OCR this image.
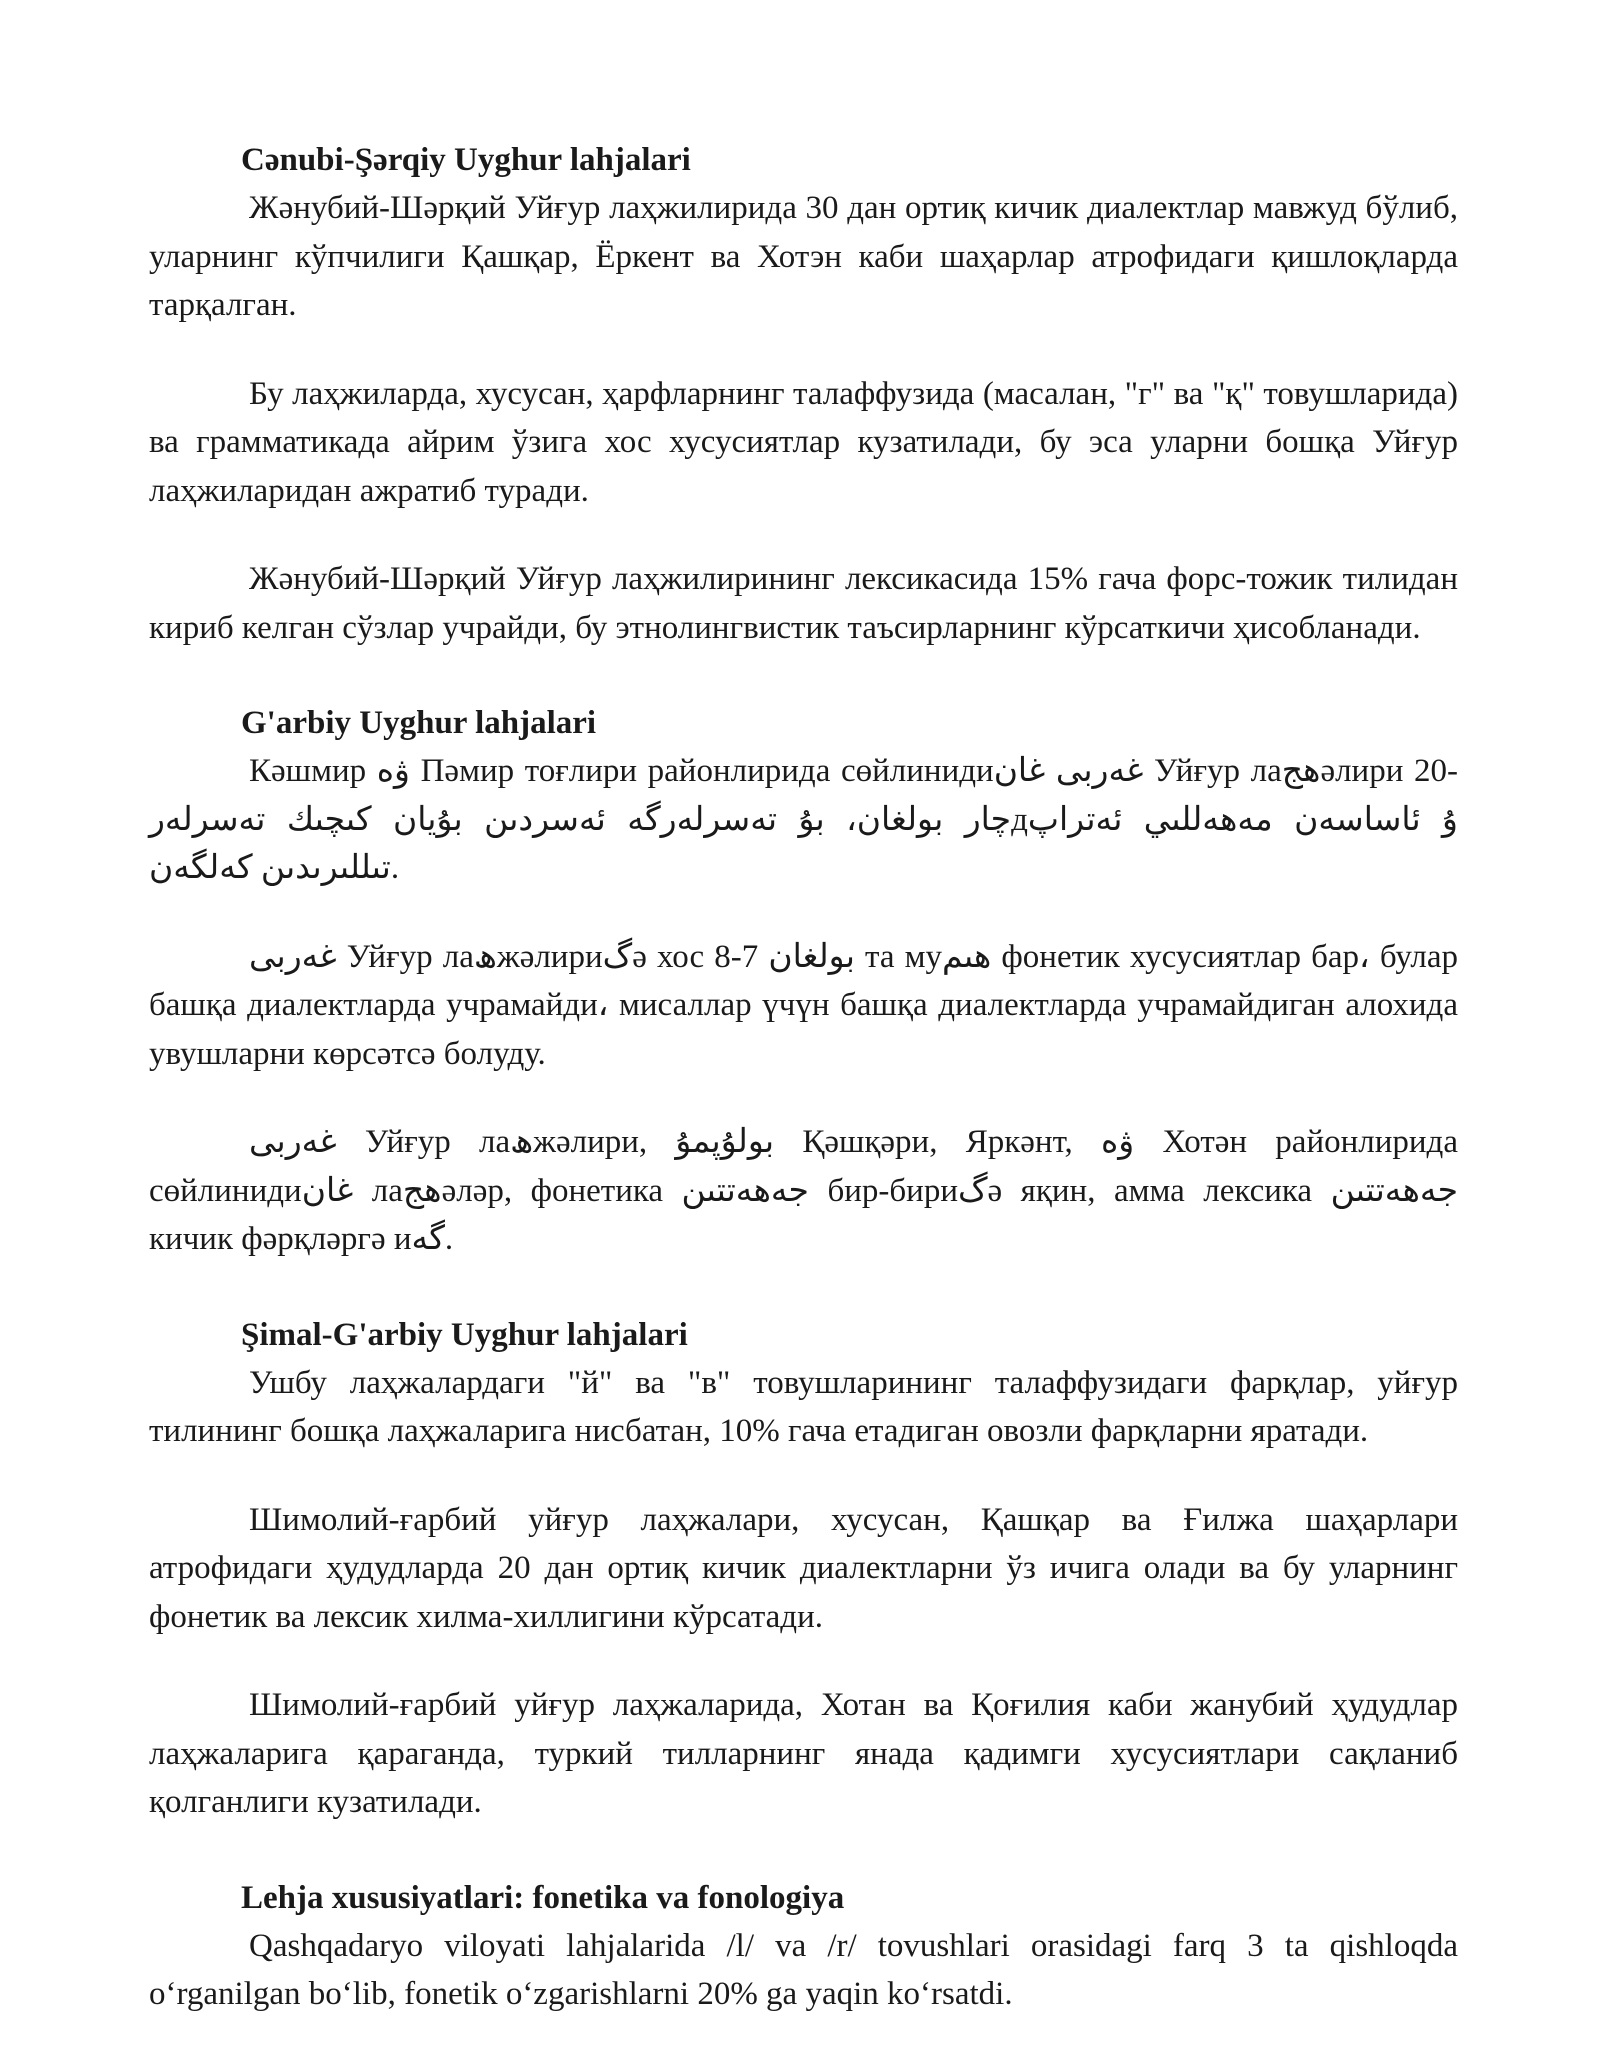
Cənubi-Şərqiy Uyghur lahjalari

Жәнубий-Шәрқий Уйғур лаҳжилирида 30 дан ортиқ кичик диалектлар мавжуд бўлиб, уларнинг кўпчилиги Қашқар, Ёркент ва Хотэн каби шаҳарлар атрофидаги қишлоқларда тарқалган.

Бу лаҳжиларда, хусусан, ҳарфларнинг талаффузида (масалан, "г" ва "қ" товушларида) ва грамматикада айрим ўзига хос хусусиятлар кузатилади, бу эса уларни бошқа Уйғур лаҳжиларидан ажратиб туради.

Жәнубий-Шәрқий Уйғур лаҳжилирининг лексикасида 15% гача форс-тожик тилидан кириб келган сўзлар учрайди, бу этнолингвистик таъсирларнинг кўрсаткичи ҳисобланади.

G'arbiy Uyghur lahjalari

Кәшмир ۋە Пәмир тоғлири районлирида сөйлинидиغەربى غان Уйғур лаھجәлири 20- چار بولغان، بۇ تەسرلەرگە ئەسردىن بۇيان كىچىك تەسرلەرдۇ ئاساسەن مەھەللىي ئەتراپ تىللىرىدىن كەلگەن.

غەربى Уйғур лаھжәлириگә хос 8-7 بولغان та муھىم фонетик хусусиятлар бар، булар башқа диалектларда учрамайди، мисаллар үчүн башқа диалектларда учрамайдиган алохида увушларни көрсәтсә болуду.

غەربى Уйғур лаھжәлири, بولۇپمۇ Қәшқәри, Яркәнт, ۋە Хотән районлирида сөйлинидиغان лаھجәләр, фонетика جەھەتتىن бир-бириگә яқин, амма лексика جەھەتتىن кичик фәрқләргә иگە.

Şimal-G'arbiy Uyghur lahjalari

Ушбу лаҳжалардаги "й" ва "в" товушларининг талаффузидаги фарқлар, уйғур тилининг бошқа лаҳжаларига нисбатан, 10% гача етадиган овозли фарқларни яратади.

Шимолий-ғарбий уйғур лаҳжалари, хусусан, Қашқар ва Ғилжа шаҳарлари атрофидаги ҳудудларда 20 дан ортиқ кичик диалектларни ўз ичига олади ва бу уларнинг фонетик ва лексик хилма-хиллигини кўрсатади.

Шимолий-ғарбий уйғур лаҳжаларида, Хотан ва Қоғилия каби жанубий ҳудудлар лаҳжаларига қараганда, туркий тилларнинг янада қадимги хусусиятлари сақланиб қолганлиги кузатилади.

Lehja xususiyatlari: fonetika va fonologiya

Qashqadaryo viloyati lahjalarida /l/ va /r/ tovushlari orasidagi farq 3 ta qishloqda oʻrganilgan boʻlib, fonetik oʻzgarishlarni 20% ga yaqin koʻrsatdi.
